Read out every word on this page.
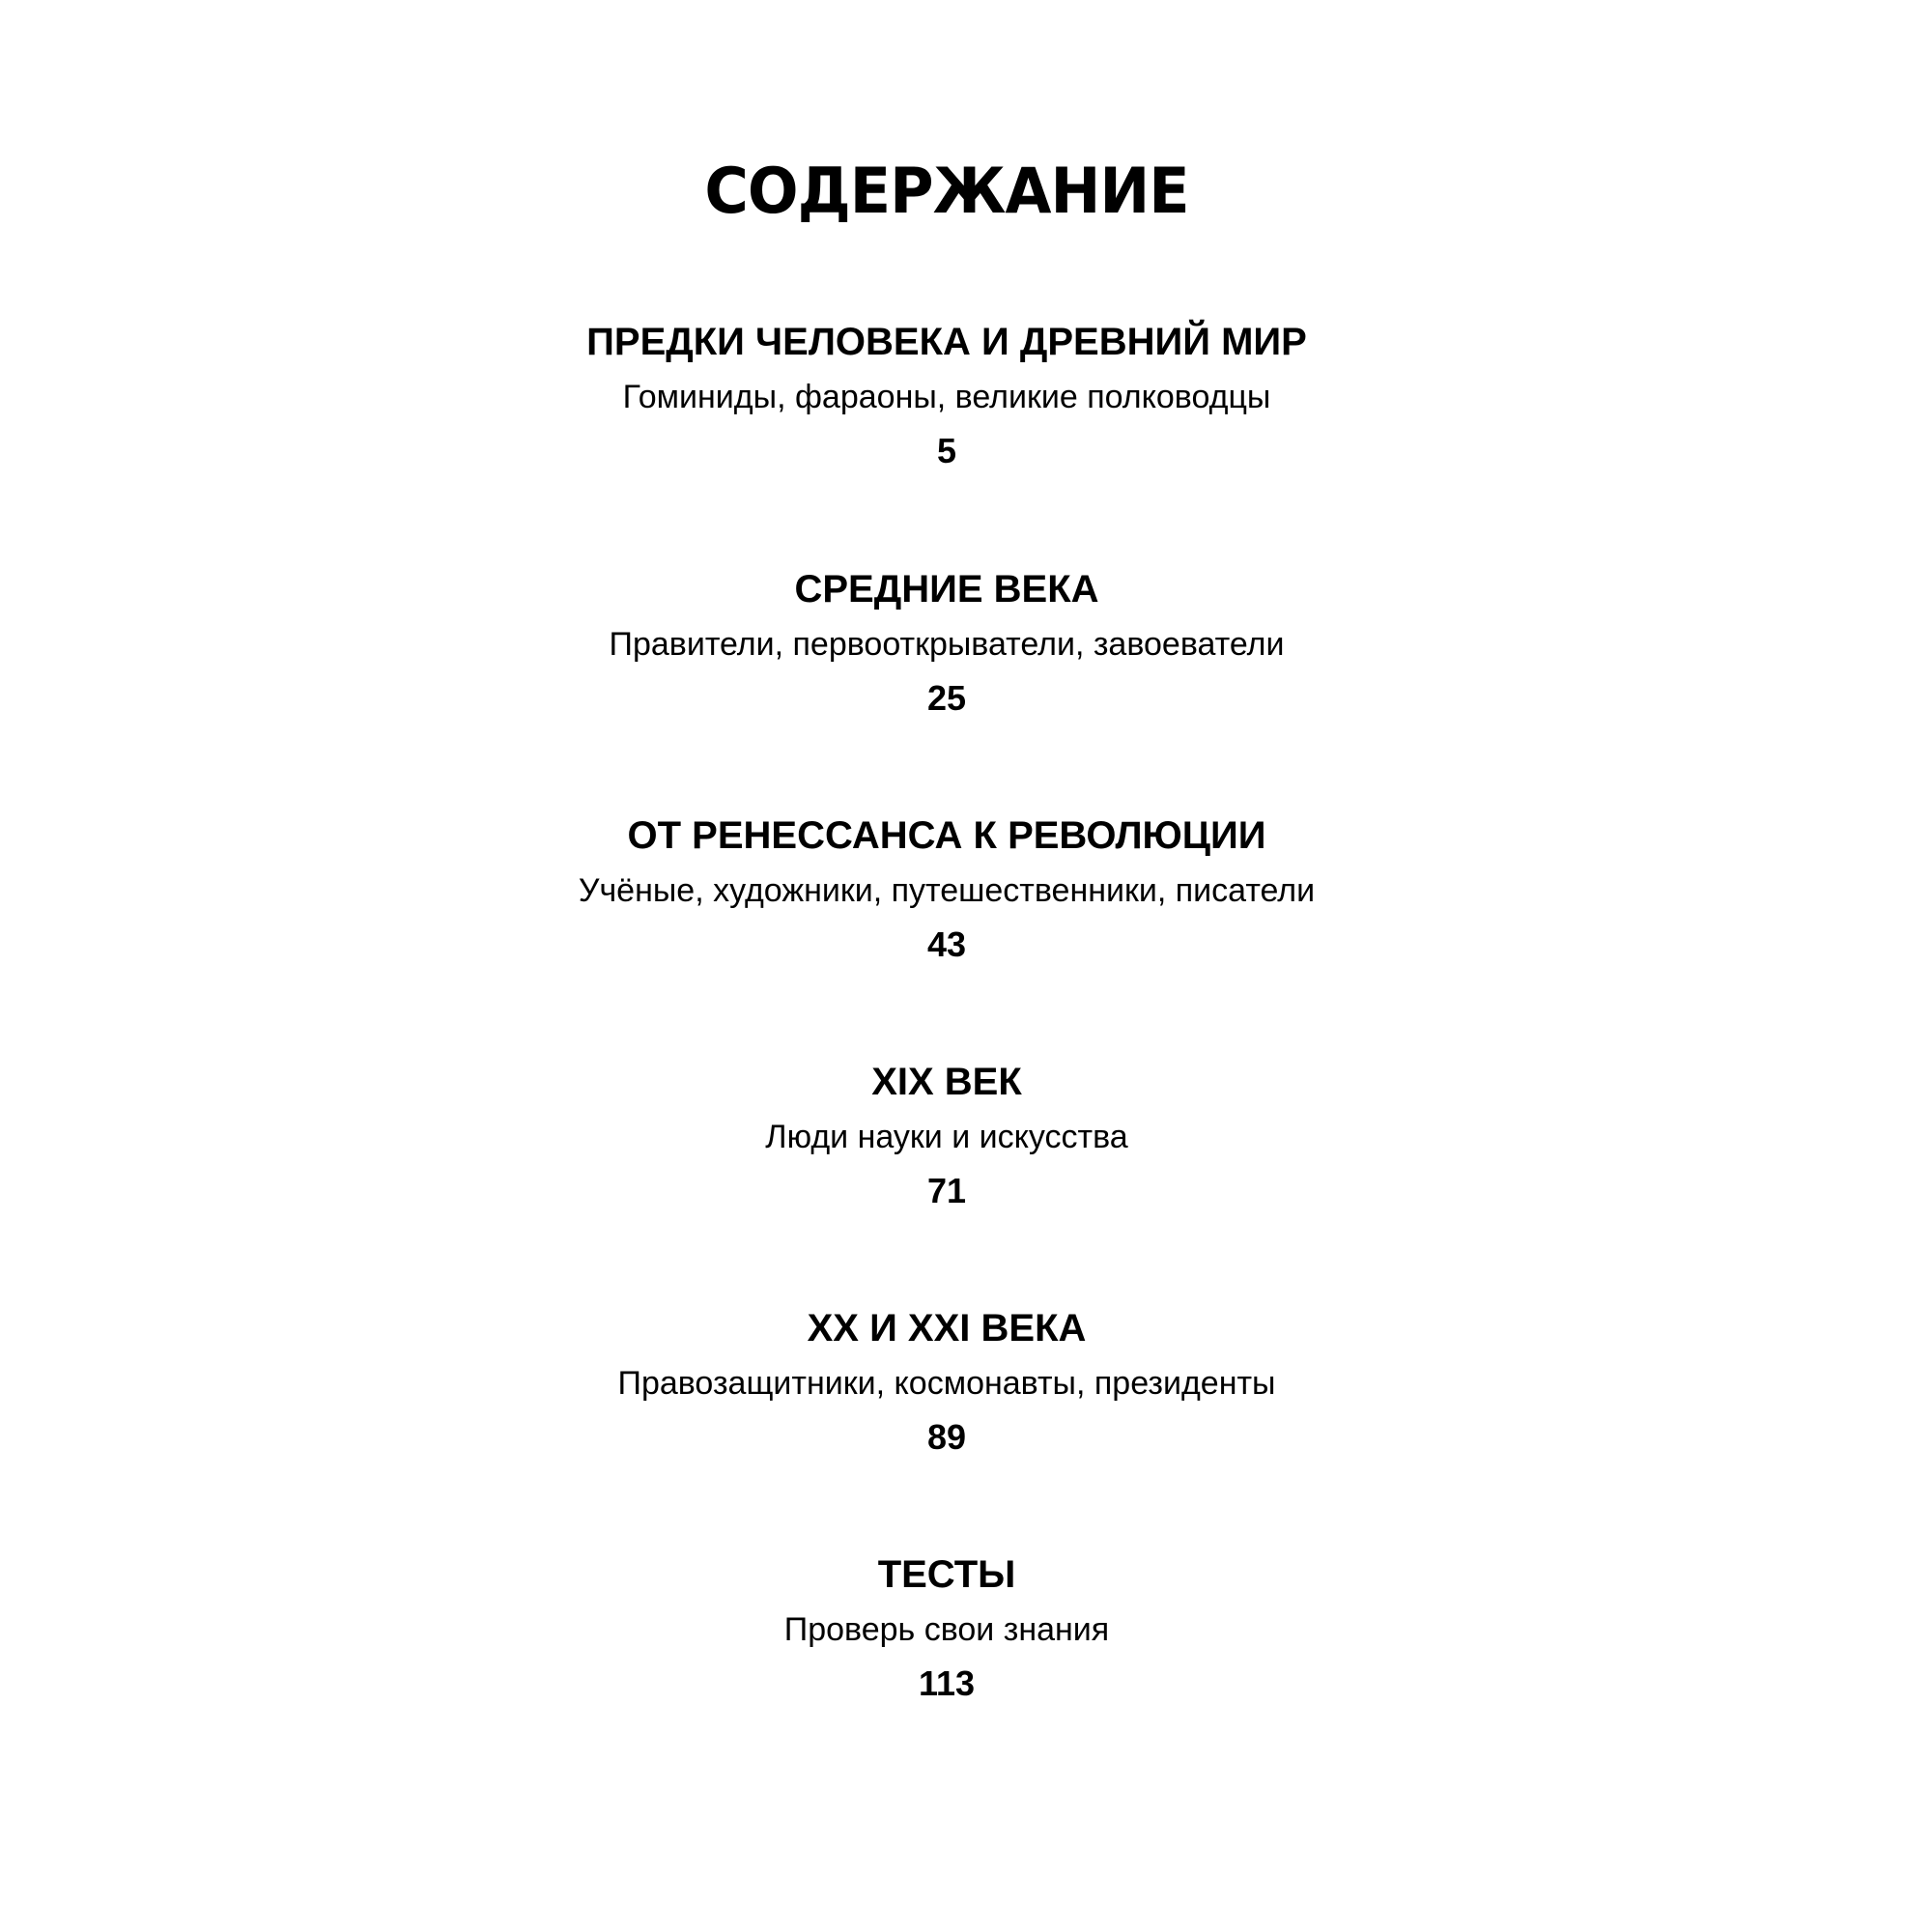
СОДЕРЖАНИЕ
ПРЕДКИ ЧЕЛОВЕКА И ДРЕВНИЙ МИР
Гоминиды, фараоны, великие полководцы
5
СРЕДНИЕ ВЕКА
Правители, первооткрыватели, завоеватели
25
ОТ РЕНЕССАНСА К РЕВОЛЮЦИИ
Учёные, художники, путешественники, писатели
43
XIX ВЕК
Люди науки и искусства
71
XX И XXI ВЕКА
Правозащитники, космонавты, президенты
89
ТЕСТЫ
Проверь свои знания
113
